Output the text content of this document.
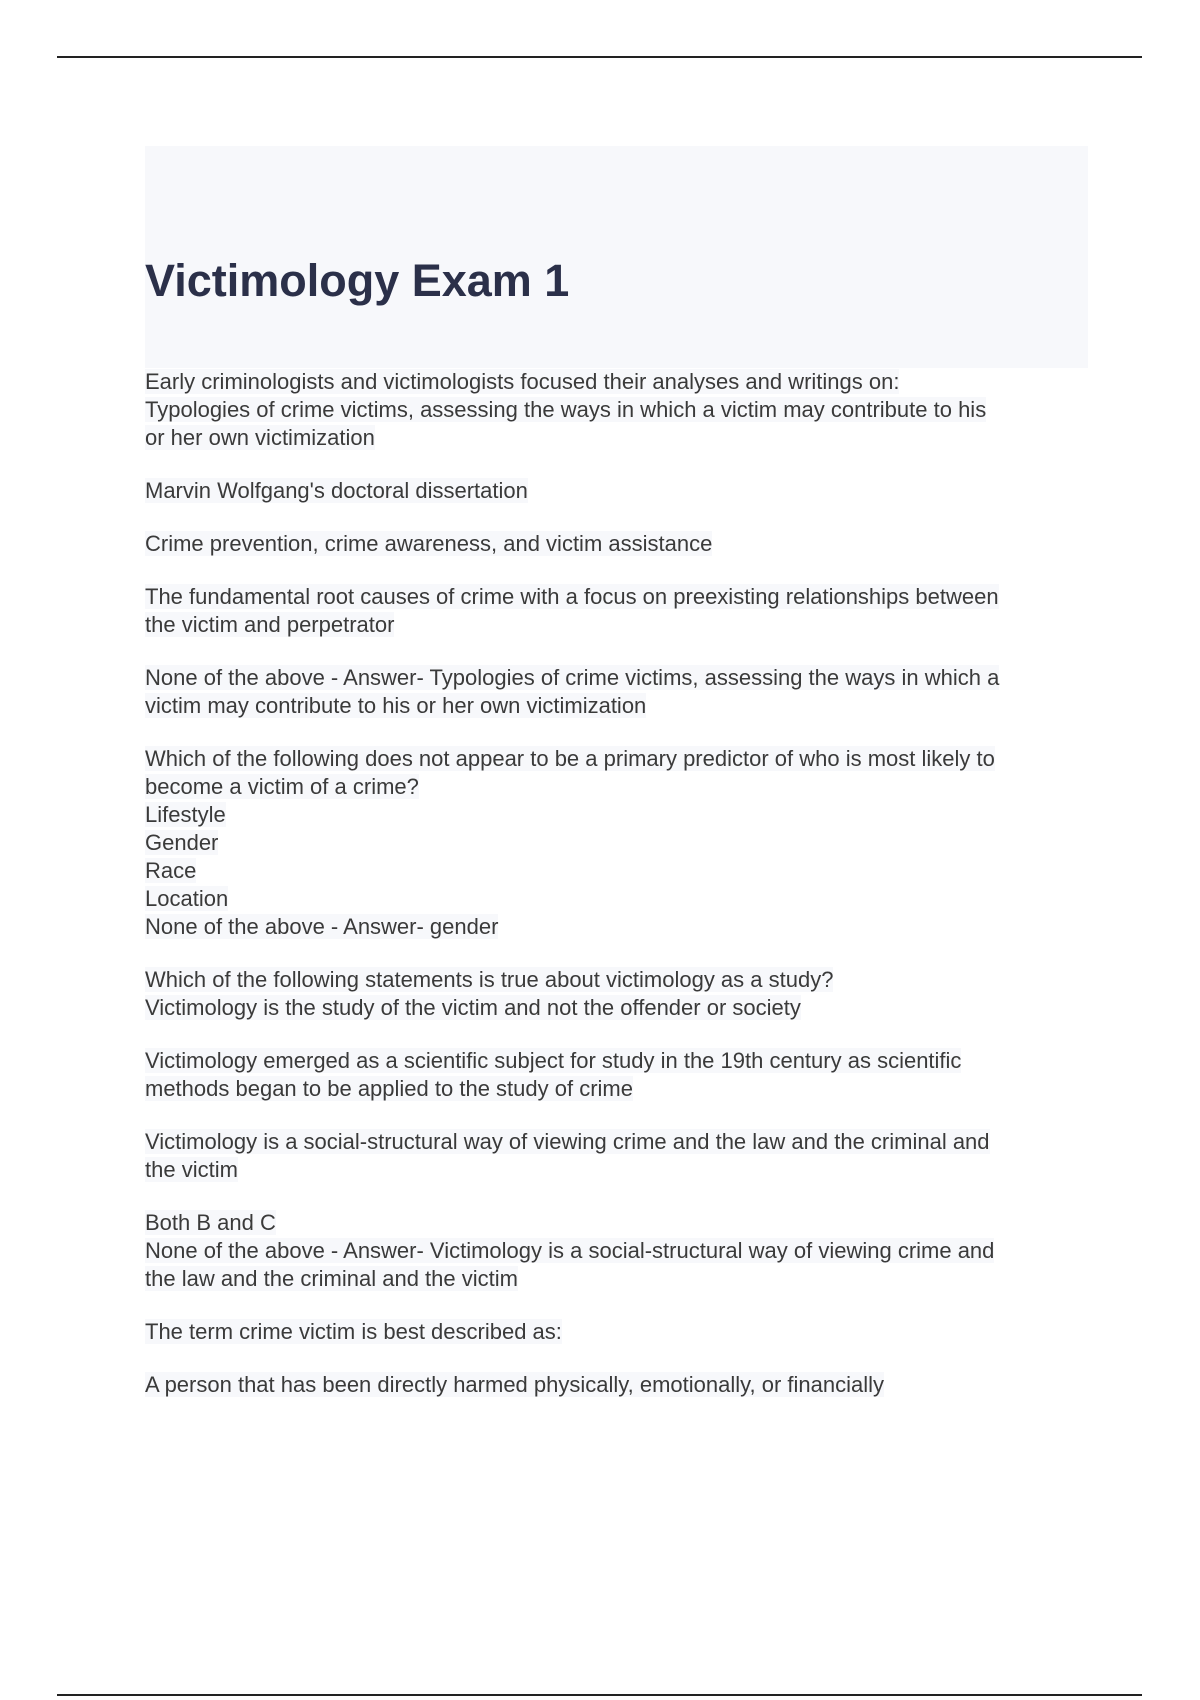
Victimology Exam 1
Early criminologists and victimologists focused their analyses and writings on:
Typologies of crime victims, assessing the ways in which a victim may contribute to his
or her own victimization
Marvin Wolfgang's doctoral dissertation
Crime prevention, crime awareness, and victim assistance
The fundamental root causes of crime with a focus on preexisting relationships between
the victim and perpetrator
None of the above - Answer- Typologies of crime victims, assessing the ways in which a
victim may contribute to his or her own victimization
Which of the following does not appear to be a primary predictor of who is most likely to
become a victim of a crime?
Lifestyle
Gender
Race
Location
None of the above - Answer- gender
Which of the following statements is true about victimology as a study?
Victimology is the study of the victim and not the offender or society
Victimology emerged as a scientific subject for study in the 19th century as scientific
methods began to be applied to the study of crime
Victimology is a social-structural way of viewing crime and the law and the criminal and
the victim
Both B and C
None of the above - Answer- Victimology is a social-structural way of viewing crime and
the law and the criminal and the victim
The term crime victim is best described as:
A person that has been directly harmed physically, emotionally, or financially
